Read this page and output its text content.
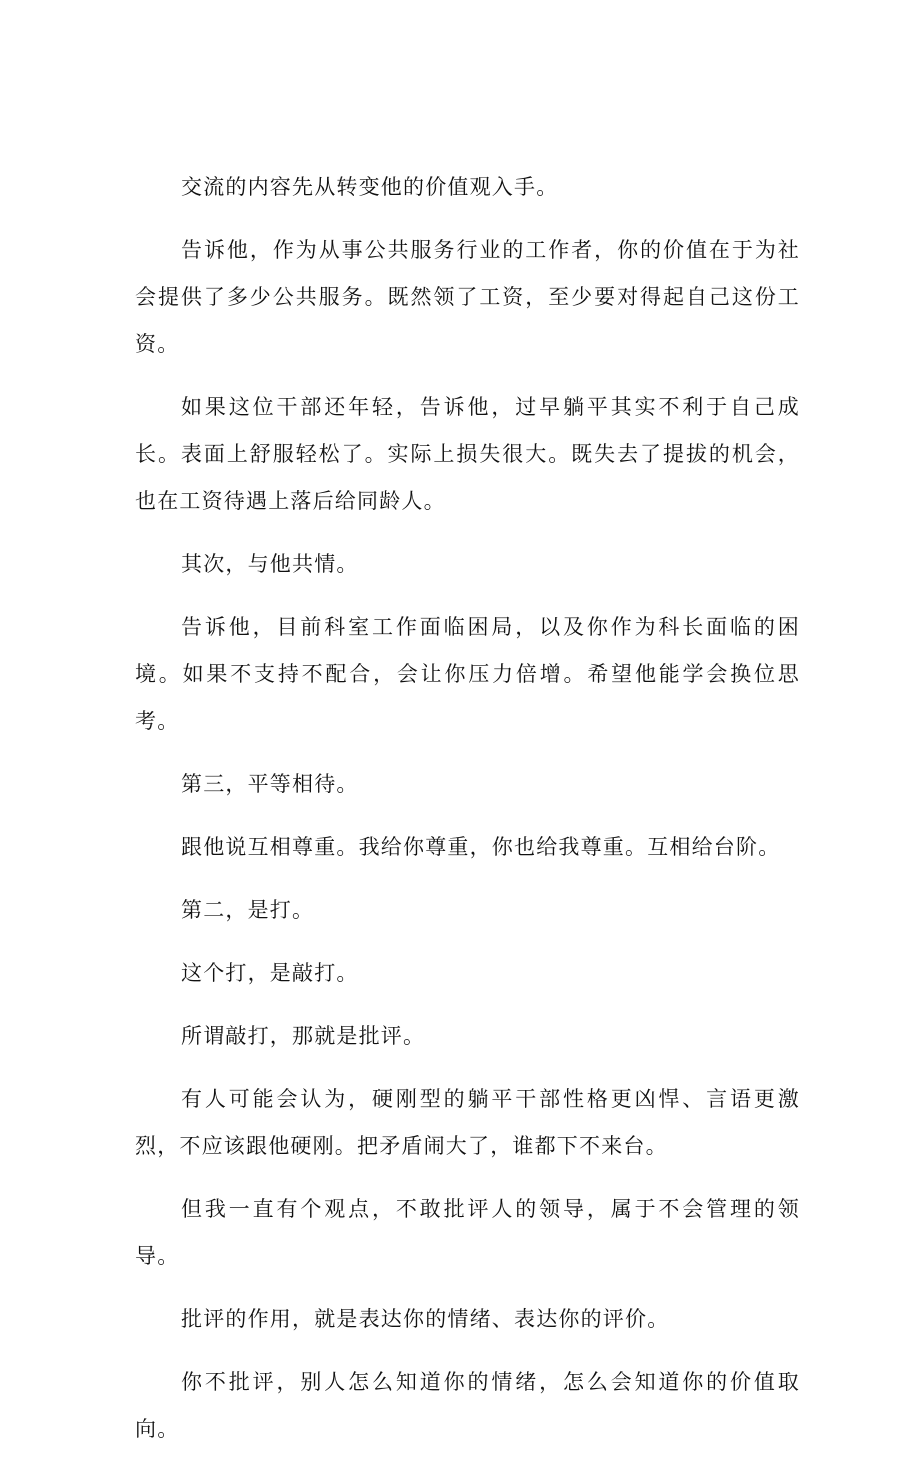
交流的内容先从转变他的价值观入手。

告诉他，作为从事公共服务行业的工作者，你的价值在于为社会提供了多少公共服务。既然领了工资，至少要对得起自己这份工资。

如果这位干部还年轻，告诉他，过早躺平其实不利于自己成长。表面上舒服轻松了。实际上损失很大。既失去了提拔的机会，也在工资待遇上落后给同龄人。

其次，与他共情。

告诉他，目前科室工作面临困局，以及你作为科长面临的困境。如果不支持不配合，会让你压力倍增。希望他能学会换位思考。

第三，平等相待。

跟他说互相尊重。我给你尊重，你也给我尊重。互相给台阶。

第二，是打。

这个打，是敲打。

所谓敲打，那就是批评。

有人可能会认为，硬刚型的躺平干部性格更凶悍、言语更激烈，不应该跟他硬刚。把矛盾闹大了，谁都下不来台。

但我一直有个观点，不敢批评人的领导，属于不会管理的领导。

批评的作用，就是表达你的情绪、表达你的评价。

你不批评，别人怎么知道你的情绪，怎么会知道你的价值取向。
